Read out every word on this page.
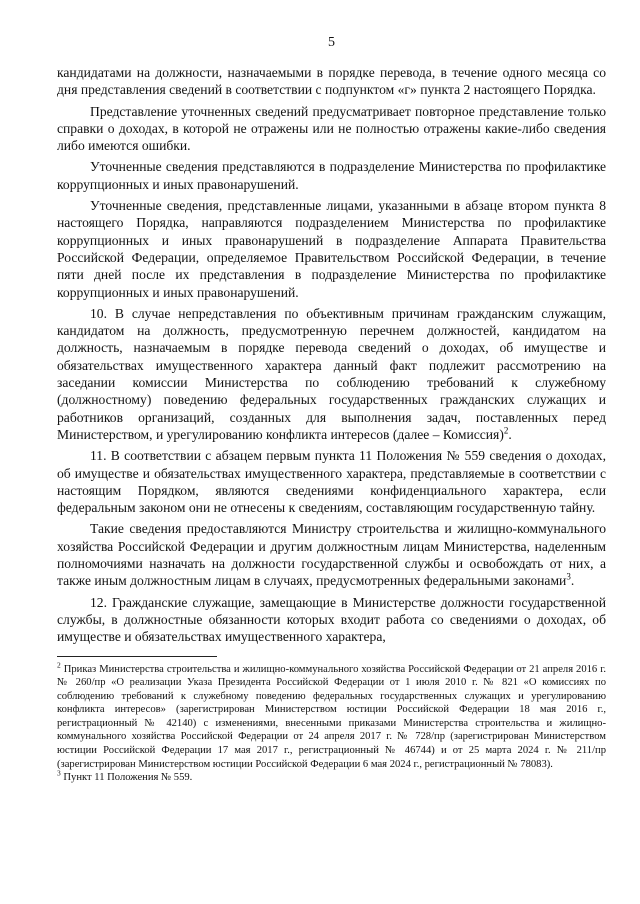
5

кандидатами на должности, назначаемыми в порядке перевода, в течение одного месяца со дня представления сведений в соответствии с подпунктом «г» пункта 2 настоящего Порядка.

Представление уточненных сведений предусматривает повторное представление только справки о доходах, в которой не отражены или не полностью отражены какие-либо сведения либо имеются ошибки.

Уточненные сведения представляются в подразделение Министерства по профилактике коррупционных и иных правонарушений.

Уточненные сведения, представленные лицами, указанными в абзаце втором пункта 8 настоящего Порядка, направляются подразделением Министерства по профилактике коррупционных и иных правонарушений в подразделение Аппарата Правительства Российской Федерации, определяемое Правительством Российской Федерации, в течение пяти дней после их представления в подразделение Министерства по профилактике коррупционных и иных правонарушений.

10. В случае непредставления по объективным причинам гражданским служащим, кандидатом на должность, предусмотренную перечнем должностей, кандидатом на должность, назначаемым в порядке перевода сведений о доходах, об имуществе и обязательствах имущественного характера данный факт подлежит рассмотрению на заседании комиссии Министерства по соблюдению требований к служебному (должностному) поведению федеральных государственных гражданских служащих и работников организаций, созданных для выполнения задач, поставленных перед Министерством, и урегулированию конфликта интересов (далее – Комиссия)$^2$.

11. В соответствии с абзацем первым пункта 11 Положения № 559 сведения о доходах, об имуществе и обязательствах имущественного характера, представляемые в соответствии с настоящим Порядком, являются сведениями конфиденциального характера, если федеральным законом они не отнесены к сведениям, составляющим государственную тайну.

Такие сведения предоставляются Министру строительства и жилищно-коммунального хозяйства Российской Федерации и другим должностным лицам Министерства, наделенным полномочиями назначать на должности государственной службы и освобождать от них, а также иным должностным лицам в случаях, предусмотренных федеральными законами$^3$.

12. Гражданские служащие, замещающие в Министерстве должности государственной службы, в должностные обязанности которых входит работа со сведениями о доходах, об имуществе и обязательствах имущественного характера,

$^2$ Приказ Министерства строительства и жилищно-коммунального хозяйства Российской Федерации от 21 апреля 2016 г. № 260/пр «О реализации Указа Президента Российской Федерации от 1 июля 2010 г. № 821 «О комиссиях по соблюдению требований к служебному поведению федеральных государственных служащих и урегулированию конфликта интересов» (зарегистрирован Министерством юстиции Российской Федерации 18 мая 2016 г., регистрационный № 42140) с изменениями, внесенными приказами Министерства строительства и жилищно-коммунального хозяйства Российской Федерации от 24 апреля 2017 г. № 728/пр (зарегистрирован Министерством юстиции Российской Федерации 17 мая 2017 г., регистрационный № 46744) и от 25 марта 2024 г. № 211/пр (зарегистрирован Министерством юстиции Российской Федерации 6 мая 2024 г., регистрационный № 78083).

$^3$ Пункт 11 Положения № 559.
